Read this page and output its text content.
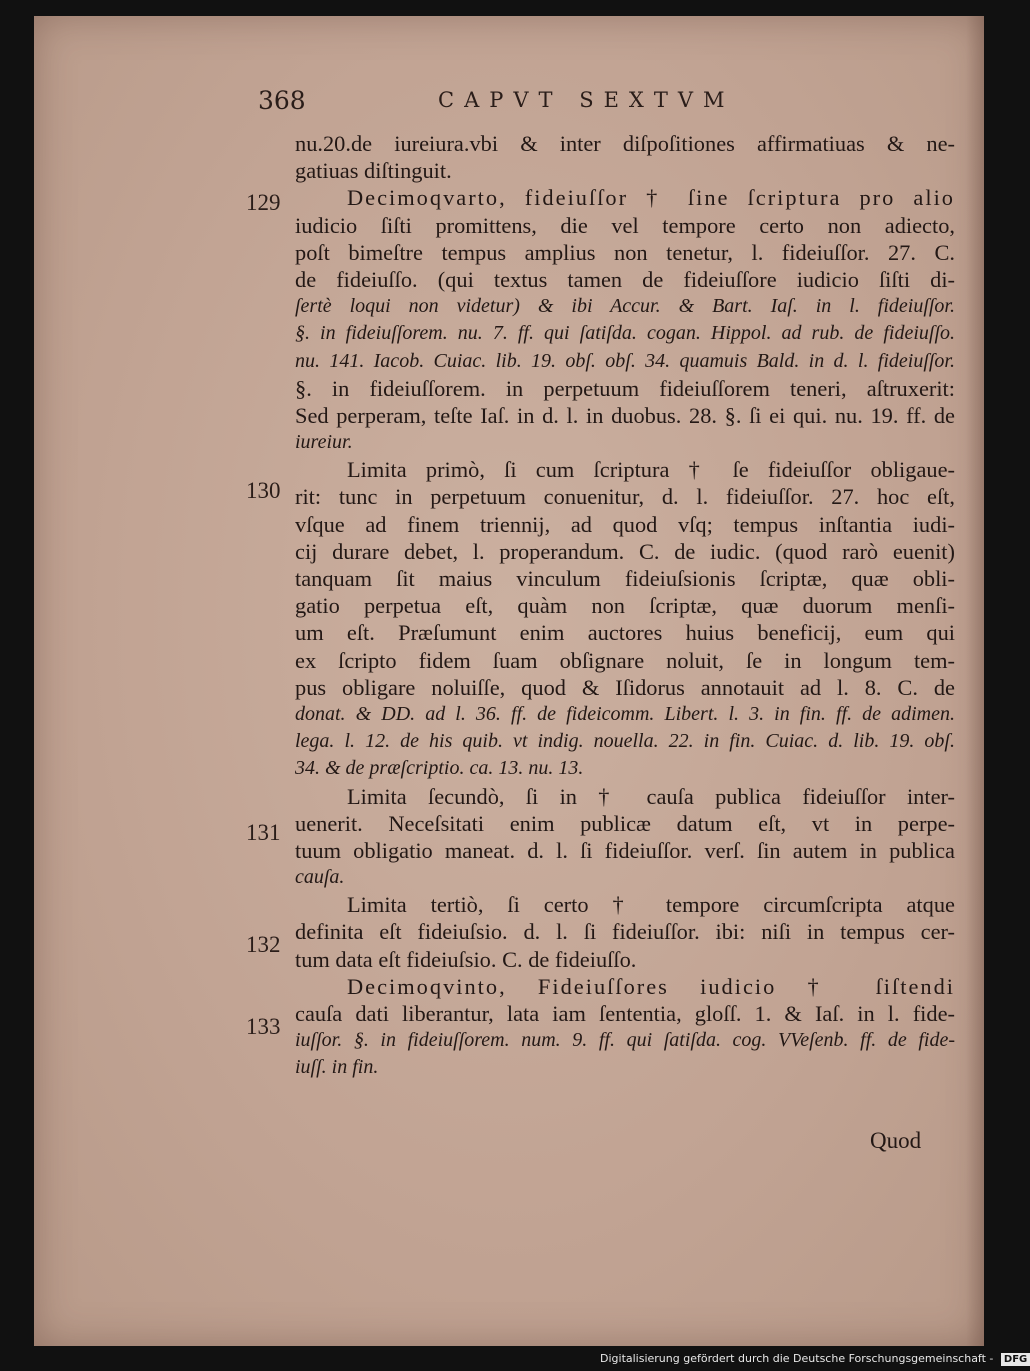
368	CAPVT SEXTVM
129
130
131
132
133
nu.20.de iureiura.vbi & inter diſpoſitiones affirmatiuas & ne-
gatiuas diſtinguit.
Decimoqvarto, fideiuſſor † ſine ſcriptura pro alio
iudicio ſiſti promittens, die vel tempore certo non adiecto,
poſt bimeſtre tempus amplius non tenetur, l. fideiuſſor. 27. C.
de fideiuſſo. (qui textus tamen de fideiuſſore iudicio ſiſti di-
ſertè loqui non videtur) & ibi Accur. & Bart. Iaſ. in l. fideiuſſor.
§. in fideiuſſorem. nu. 7. ff. qui ſatiſda. cogan. Hippol. ad rub. de fideiuſſo.
nu. 141. Iacob. Cuiac. lib. 19. obſ. obſ. 34. quamuis Bald. in d. l. fideiuſſor.
§. in fideiuſſorem. in perpetuum fideiuſſorem teneri, aſtruxerit:
Sed perperam, teſte Iaſ. in d. l. in duobus. 28. §. ſi ei qui. nu. 19. ff. de
iureiur.
Limita primò, ſi cum ſcriptura † ſe fideiuſſor obligaue-
rit: tunc in perpetuum conuenitur, d. l. fideiuſſor. 27. hoc eſt,
vſque ad finem triennij, ad quod vſq; tempus inſtantia iudi-
cij durare debet, l. properandum. C. de iudic. (quod rarò euenit)
tanquam ſit maius vinculum fideiuſsionis ſcriptæ, quæ obli-
gatio perpetua eſt, quàm non ſcriptæ, quæ duorum menſi-
um eſt. Præſumunt enim auctores huius beneficij, eum qui
ex ſcripto fidem ſuam obſignare noluit, ſe in longum tem-
pus obligare noluiſſe, quod & Iſidorus annotauit ad l. 8. C. de
donat. & DD. ad l. 36. ff. de fideicomm. Libert. l. 3. in fin. ff. de adimen.
lega. l. 12. de his quib. vt indig. nouella. 22. in fin. Cuiac. d. lib. 19. obſ.
34. & de præſcriptio. ca. 13. nu. 13.
Limita ſecundò, ſi in † cauſa publica fideiuſſor inter-
uenerit. Neceſsitati enim publicæ datum eſt, vt in perpe-
tuum obligatio maneat. d. l. ſi fideiuſſor. verſ. ſin autem in publica
cauſa.
Limita tertiò, ſi certo † tempore circumſcripta atque
definita eſt fideiuſsio. d. l. ſi fideiuſſor. ibi: niſi in tempus cer-
tum data eſt fideiuſsio. C. de fideiuſſo.
Decimoqvinto, Fideiuſſores iudicio † ſiſtendi
cauſa dati liberantur, lata iam ſententia, gloſſ. 1. & Iaſ. in l. fide-
iuſſor. §. in fideiuſſorem. num. 9. ff. qui ſatiſda. cog. VVeſenb. ff. de fide-
iuſſ. in fin.
Quod
Digitalisierung gefördert durch die Deutsche Forschungsgemeinschaft - DFG
